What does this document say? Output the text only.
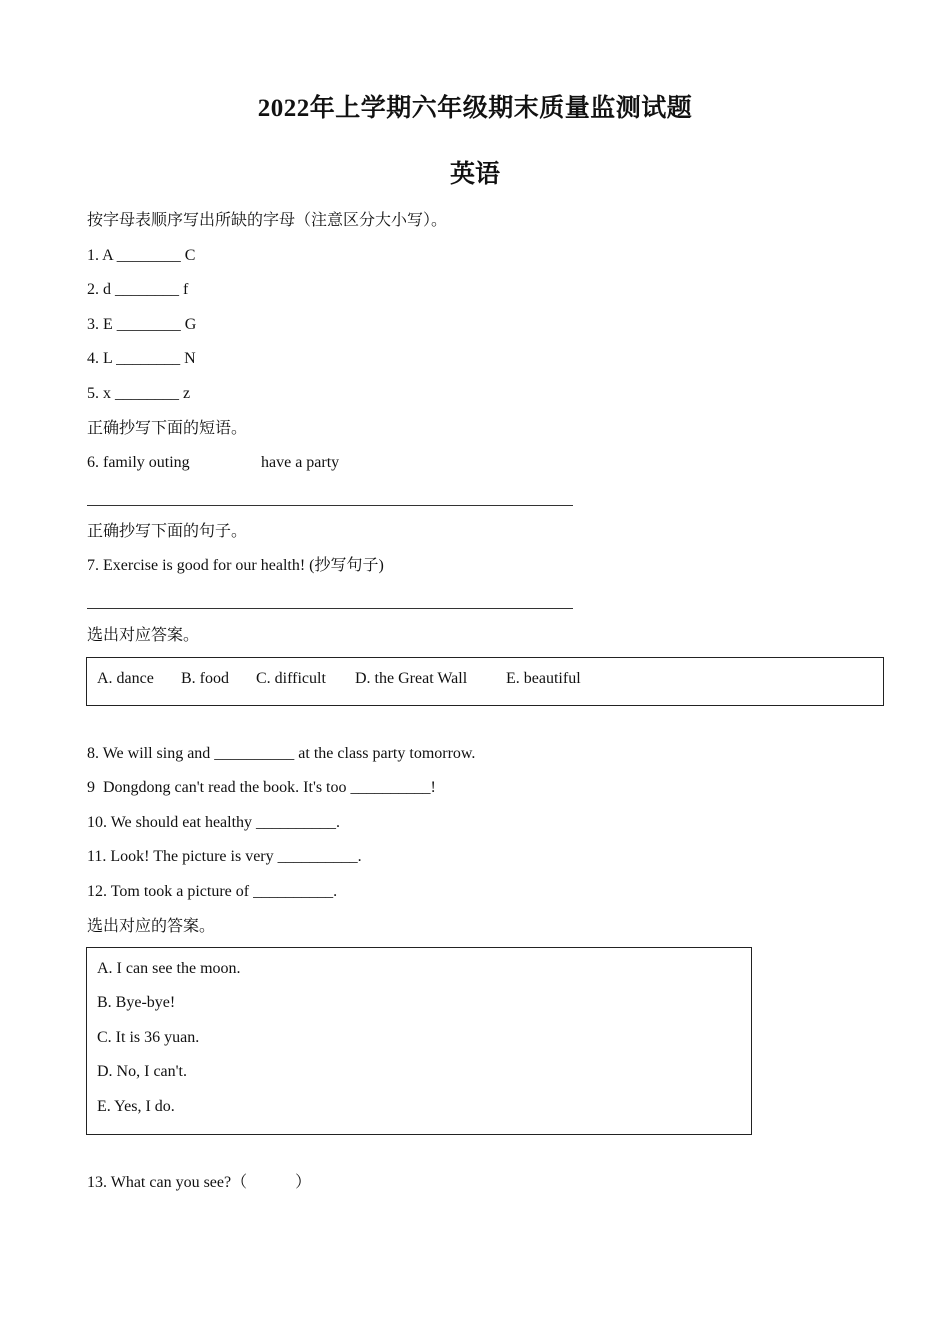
2022年上学期六年级期末质量监测试题
英语
按字母表顺序写出所缺的字母（注意区分大小写）。
1. A ________ C
2. d ________ f
3. E ________ G
4. L ________ N
5. x ________ z
正确抄写下面的短语。
6. family outing	have a party
正确抄写下面的句子。
7. Exercise is good for our health! (抄写句子)
选出对应答案。
A. dance B. food C. difficult D. the Great Wall E. beautiful
8. We will sing and __________ at the class party tomorrow.
9  Dongdong can't read the book. It's too __________!
10. We should eat healthy __________.
11. Look! The picture is very __________.
12. Tom took a picture of __________.
选出对应的答案。
A. I can see the moon.
B. Bye-bye!
C. It is 36 yuan.
D. No, I can't.
E. Yes, I do.
13. What can you see?（　　　）
